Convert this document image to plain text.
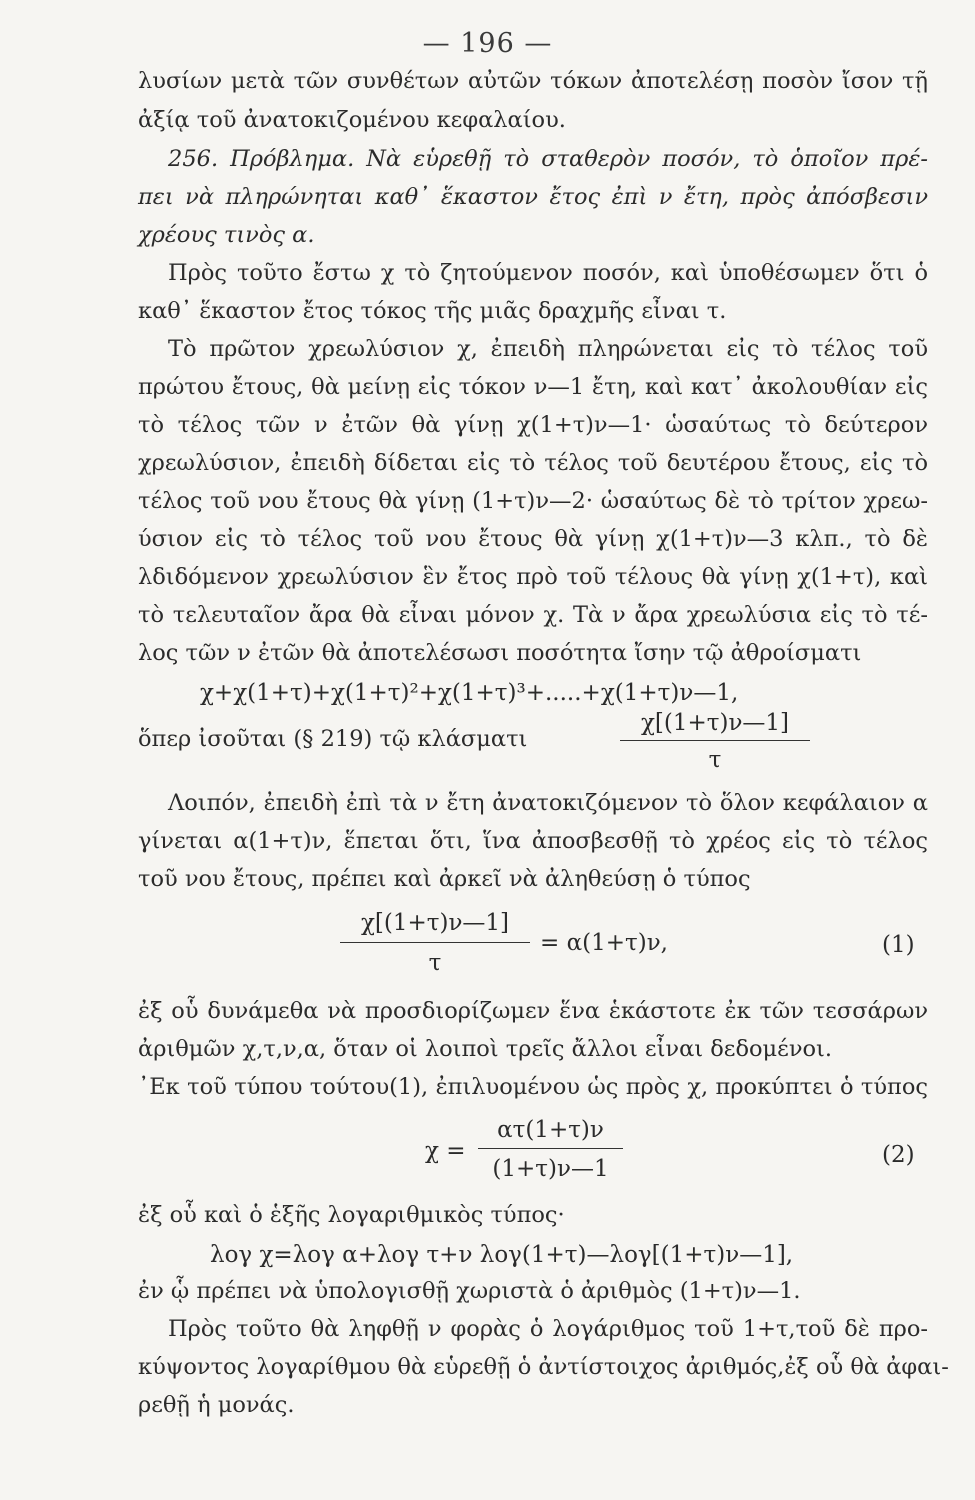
— 196 —
λυσίων μετὰ τῶν συνθέτων αὐτῶν τόκων ἀποτελέσῃ ποσὸν ἴσον τῇ
ἀξίᾳ τοῦ ἀνατοκιζομένου κεφαλαίου.
256. Πρόβλημα. Νὰ εὑρεθῇ τὸ σταθερὸν ποσόν, τὸ ὁποῖον πρέ-
πει νὰ πληρώνηται καθ᾽ ἕκαστον ἔτος ἐπὶ ν ἔτη, πρὸς ἀπόσβεσιν
χρέους τινὸς α.
Πρὸς τοῦτο ἔστω χ τὸ ζητούμενον ποσόν, καὶ ὑποθέσωμεν ὅτι ὁ
καθ᾽ ἕκαστον ἔτος τόκος τῆς μιᾶς δραχμῆς εἶναι τ.
Τὸ πρῶτον χρεωλύσιον χ, ἐπειδὴ πληρώνεται εἰς τὸ τέλος τοῦ
πρώτου ἔτους, θὰ μείνῃ εἰς τόκον ν—1 ἔτη, καὶ κατ᾽ ἀκολουθίαν εἰς
τὸ τέλος τῶν ν ἐτῶν θὰ γίνῃ χ(1+τ)ν—1· ὡσαύτως τὸ δεύτερον
χρεωλύσιον, ἐπειδὴ δίδεται εἰς τὸ τέλος τοῦ δευτέρου ἔτους, εἰς τὸ
τέλος τοῦ νου ἔτους θὰ γίνῃ (1+τ)ν—2· ὡσαύτως δὲ τὸ τρίτον χρεω-
ύσιον εἰς τὸ τέλος τοῦ νου ἔτους θὰ γίνῃ χ(1+τ)ν—3 κλπ., τὸ δὲ
λδιδόμενον χρεωλύσιον ἓν ἔτος πρὸ τοῦ τέλους θὰ γίνῃ χ(1+τ), καὶ
τὸ τελευταῖον ἄρα θὰ εἶναι μόνον χ. Τὰ ν ἄρα χρεωλύσια εἰς τὸ τέ-
λος τῶν ν ἐτῶν θὰ ἀποτελέσωσι ποσότητα ἴσην τῷ ἀθροίσματι
χ+χ(1+τ)+χ(1+τ)²+χ(1+τ)³+.....+χ(1+τ)ν—1,
ὅπερ ἰσοῦται (§ 219) τῷ κλάσματι
χ[(1+τ)ν—1]
τ
Λοιπόν, ἐπειδὴ ἐπὶ τὰ ν ἔτη ἀνατοκιζόμενον τὸ ὅλον κεφάλαιον α
γίνεται α(1+τ)ν, ἕπεται ὅτι, ἵνα ἀποσβεσθῇ τὸ χρέος εἰς τὸ τέλος
τοῦ νου ἔτους, πρέπει καὶ ἀρκεῖ νὰ ἀληθεύσῃ ὁ τύπος
χ[(1+τ)ν—1]
τ
= α(1+τ)ν,	(1)
ἐξ οὗ δυνάμεθα νὰ προσδιορίζωμεν ἕνα ἑκάστοτε ἐκ τῶν τεσσάρων
ἀριθμῶν χ,τ,ν,α, ὅταν οἱ λοιποὶ τρεῖς ἄλλοι εἶναι δεδομένοι.
᾽Εκ τοῦ τύπου τούτου(1), ἐπιλυομένου ὡς πρὸς χ, προκύπτει ὁ τύπος
χ =
ατ(1+τ)ν
(1+τ)ν—1
(2)
ἐξ οὗ καὶ ὁ ἑξῆς λογαριθμικὸς τύπος·
λογ χ=λογ α+λογ τ+ν λογ(1+τ)—λογ[(1+τ)ν—1],
ἐν ᾧ πρέπει νὰ ὑπολογισθῇ χωριστὰ ὁ ἀριθμὸς (1+τ)ν—1.
Πρὸς τοῦτο θὰ ληφθῇ ν φορὰς ὁ λογάριθμος τοῦ 1+τ,τοῦ δὲ προ-
κύψοντος λογαρίθμου θὰ εὑρεθῇ ὁ ἀντίστοιχος ἀριθμός,ἐξ οὗ θὰ ἀφαι-
ρεθῇ ἡ μονάς.
